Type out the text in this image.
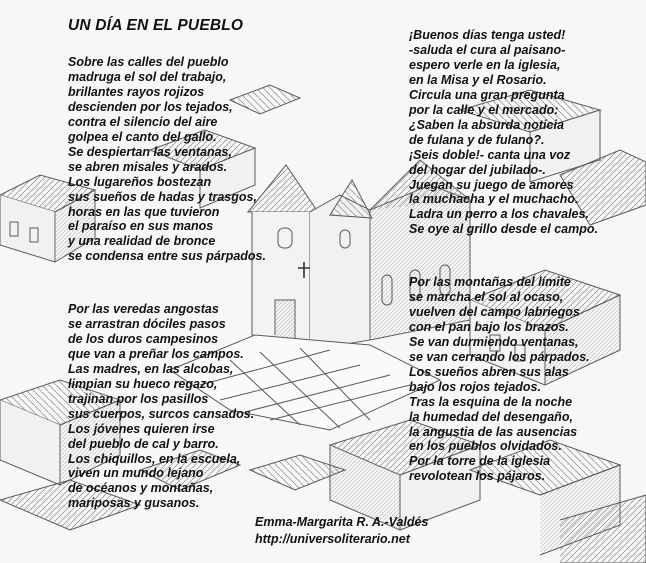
UN DÍA EN EL PUEBLO

Sobre las calles del pueblo
madruga el sol del trabajo,
brillantes rayos rojizos
descienden por los tejados,
contra el silencio del aire
golpea el canto del gallo.
Se despiertan las ventanas,
se abren misales y arados.
Los lugareños bostezan
sus sueños de hadas y trasgos,
horas en las que tuvieron
el paraíso en sus manos
y una realidad de bronce
se condensa entre sus párpados.

Por las veredas angostas
se arrastran dóciles pasos
de los duros campesinos
que van a preñar los campos.
Las madres, en las alcobas,
limpian su hueco regazo,
trajinan por los pasillos
sus cuerpos, surcos cansados.
Los jóvenes quieren irse
del pueblo de cal y barro.
Los chiquillos, en la escuela,
viven un mundo lejano
de océanos y montañas,
mariposas y gusanos.

¡Buenos días tenga usted!
-saluda el cura al paisano-
espero verle en la iglesia,
en la Misa y el Rosario.
Circula una gran pregunta
por la calle y el mercado:
¿Saben la absurda noticia
de fulana y de fulano?.
¡Seis doble!- canta una voz
del hogar del jubilado-.
Juegan su juego de amores
la muchacha y el muchacho.
Ladra un perro a los chavales.
Se oye al grillo desde el campo.

Por las montañas del límite
se marcha el sol al ocaso,
vuelven del campo labriegos
con el pan bajo los brazos.
Se van durmiendo ventanas,
se van cerrando los párpados.
Los sueños abren sus alas
bajo los rojos tejados.
Tras la esquina de la noche
la humedad del desengaño,
la angustia de las ausencias
en los pueblos olvidados.
Por la torre de la iglesia
revolotean los pájaros.

Emma-Margarita R. A.-Valdés

http://universoliterario.net
